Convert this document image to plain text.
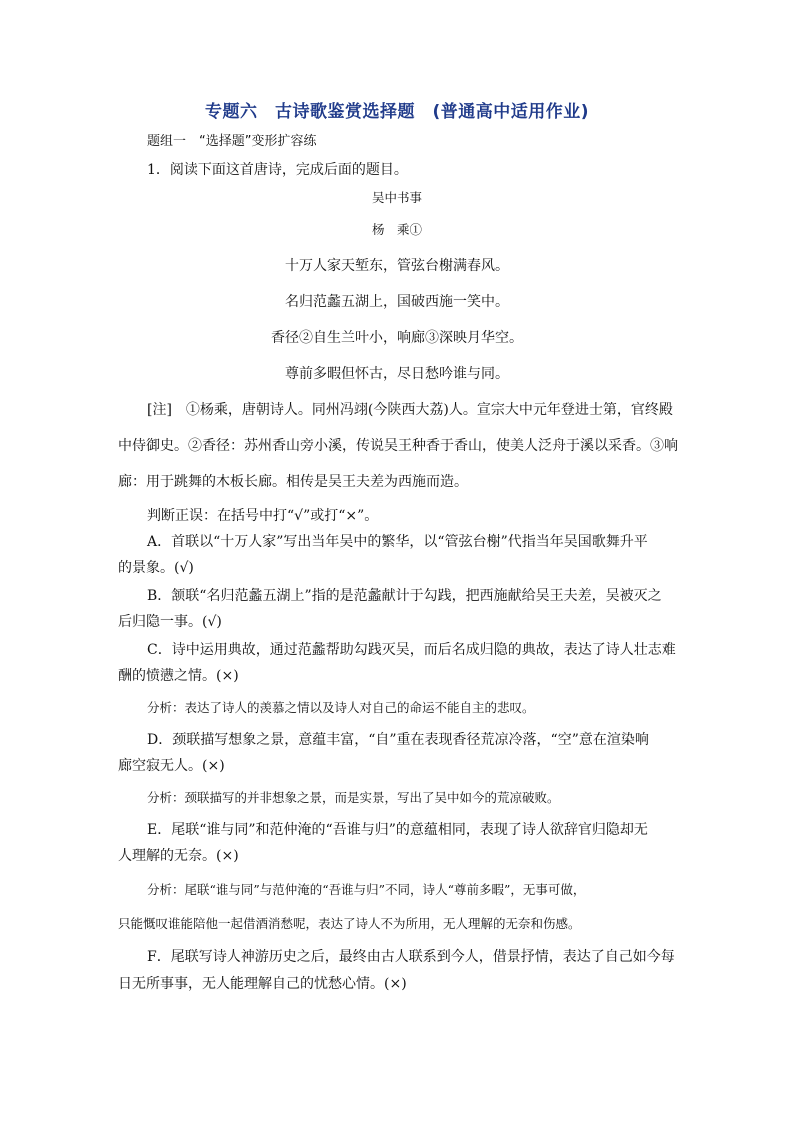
专题六　古诗歌鉴赏选择题　(普通高中适用作业)
题组一　“选择题”变形扩容练
1．阅读下面这首唐诗，完成后面的题目。
吴中书事
杨　乘①
十万人家天堑东，管弦台榭满春风。
名归范蠡五湖上，国破西施一笑中。
香径②自生兰叶小，响廊③深映月华空。
尊前多暇但怀古，尽日愁吟谁与同。
[注]　①杨乘，唐朝诗人。同州冯翊(今陕西大荔)人。宣宗大中元年登进士第，官终殿
中侍御史。②香径：苏州香山旁小溪，传说吴王种香于香山，使美人泛舟于溪以采香。③响
廊：用于跳舞的木板长廊。相传是吴王夫差为西施而造。
判断正误：在括号中打“√”或打“×”。
A．首联以“十万人家”写出当年吴中的繁华，以“管弦台榭”代指当年吴国歌舞升平
的景象。(√)
B．颔联“名归范蠡五湖上”指的是范蠡献计于勾践，把西施献给吴王夫差，吴被灭之
后归隐一事。(√)
C．诗中运用典故，通过范蠡帮助勾践灭吴，而后名成归隐的典故，表达了诗人壮志难
酬的愤懑之情。(×)
分析：表达了诗人的羡慕之情以及诗人对自己的命运不能自主的悲叹。
D．颈联描写想象之景，意蕴丰富，“自”重在表现香径荒凉冷落，“空”意在渲染响
廊空寂无人。(×)
分析：颈联描写的并非想象之景，而是实景，写出了吴中如今的荒凉破败。
E．尾联“谁与同”和范仲淹的“吾谁与归”的意蕴相同，表现了诗人欲辞官归隐却无
人理解的无奈。(×)
分析：尾联“谁与同”与范仲淹的“吾谁与归”不同，诗人“尊前多暇”，无事可做，
只能慨叹谁能陪他一起借酒消愁呢，表达了诗人不为所用，无人理解的无奈和伤感。
F．尾联写诗人神游历史之后，最终由古人联系到今人，借景抒情，表达了自己如今每
日无所事事，无人能理解自己的忧愁心情。(×)
